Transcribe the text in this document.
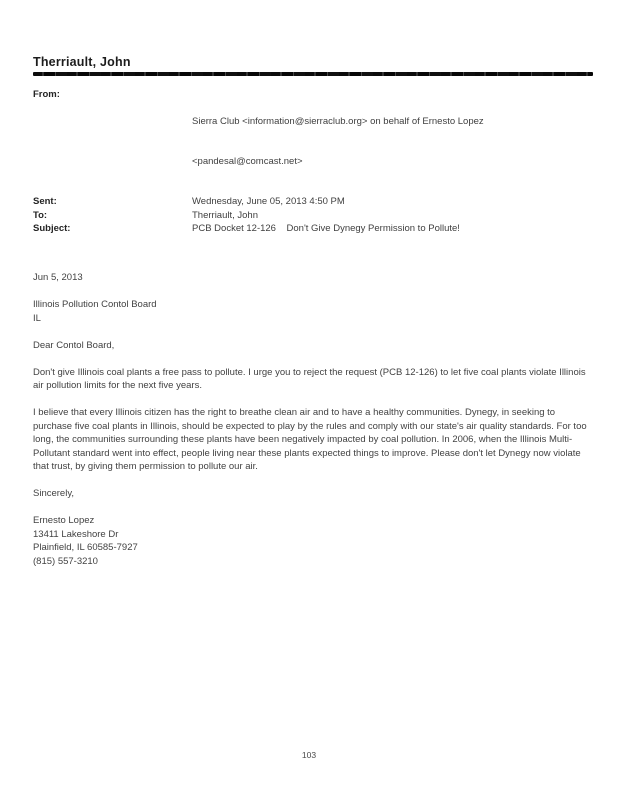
Therriault, John
From:

Sierra Club <information@sierraclub.org> on behalf of Ernesto Lopez

<pandesal@comcast.net>

Sent:	Wednesday, June 05, 2013 4:50 PM
To:	Therriault, John
Subject:	PCB Docket 12-126    Don't Give Dynegy Permission to Pollute!
Jun 5, 2013
Illinois Pollution Contol Board
IL
Dear Contol Board,

Don't give Illinois coal plants a free pass to pollute. I urge you to reject the request (PCB 12-126) to let five coal plants violate Illinois air pollution limits for the next five years.

I believe that every Illinois citizen has the right to breathe clean air and to have a healthy communities. Dynegy, in seeking to purchase five coal plants in Illinois, should be expected to play by the rules and comply with our state's air quality standards. For too long, the communities surrounding these plants have been negatively impacted by coal pollution. In 2006, when the Illinois Multi-Pollutant standard went into effect, people living near these plants expected things to improve. Please don't let Dynegy now violate that trust, by giving them permission to pollute our air.

Sincerely,
Ernesto Lopez
13411 Lakeshore Dr
Plainfield, IL 60585-7927
(815) 557-3210
103
